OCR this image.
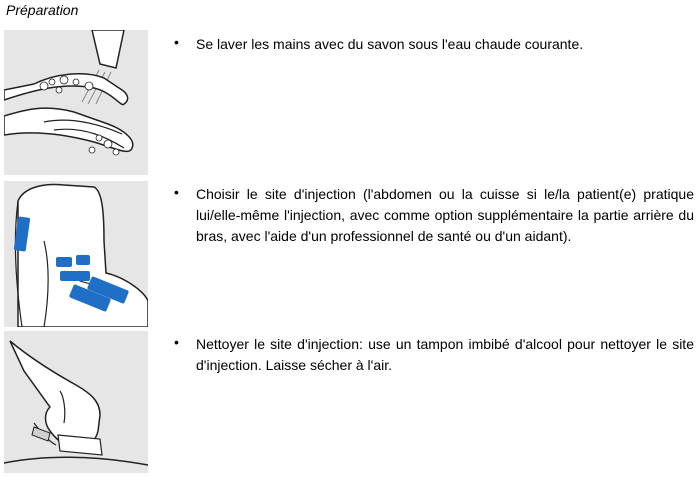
Préparation
• Se laver les mains avec du savon sous l'eau chaude courante.
• Choisir le site d'injection (l'abdomen ou la cuisse si le/la patient(e) pratique lui/elle-même l'injection, avec comme option supplémentaire la partie arrière du bras, avec l'aide d'un professionnel de santé ou d'un aidant).
• Nettoyer le site d'injection: use un tampon imbibé d'alcool pour nettoyer le site d'injection. Laisse sécher à l'air.
